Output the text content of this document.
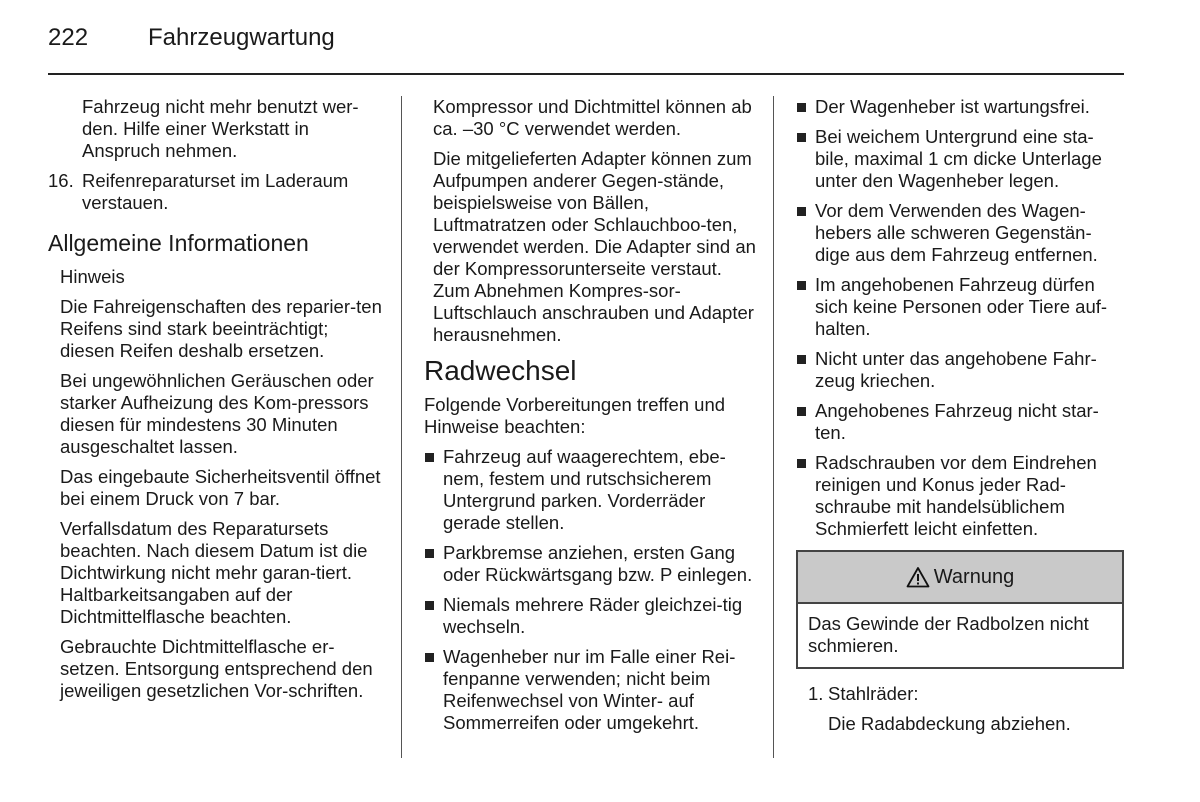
222 Fahrzeugwartung

Fahrzeug nicht mehr benutzt wer-den. Hilfe einer Werkstatt in Anspruch nehmen.

16. Reifenreparaturset im Laderaum verstauen.
Allgemeine Informationen

Hinweis

Die Fahreigenschaften des reparier-ten Reifens sind stark beeinträchtigt; diesen Reifen deshalb ersetzen.

Bei ungewöhnlichen Geräuschen oder starker Aufheizung des Kom-pressors diesen für mindestens 30 Minuten ausgeschaltet lassen.

Das eingebaute Sicherheitsventil öffnet bei einem Druck von 7 bar.

Verfallsdatum des Reparatursets beachten. Nach diesem Datum ist die Dichtwirkung nicht mehr garan-tiert. Haltbarkeitsangaben auf der Dichtmittelflasche beachten.

Gebrauchte Dichtmittelflasche er-setzen. Entsorgung entsprechend den jeweiligen gesetzlichen Vor-schriften.

Kompressor und Dichtmittel können ab ca. –30 °C verwendet werden.

Die mitgelieferten Adapter können zum Aufpumpen anderer Gegen-stände, beispielsweise von Bällen, Luftmatratzen oder Schlauchboo-ten, verwendet werden. Die Adapter sind an der Kompressorunterseite verstaut. Zum Abnehmen Kompres-sor-Luftschlauch anschrauben und Adapter herausnehmen.

Radwechsel

Folgende Vorbereitungen treffen und Hinweise beachten:

Fahrzeug auf waagerechtem, ebe-nem, festem und rutschsicherem Untergrund parken. Vorderräder gerade stellen.
Parkbremse anziehen, ersten Gang oder Rückwärtsgang bzw. P einlegen.
Niemals mehrere Räder gleichzei-tig wechseln.
Wagenheber nur im Falle einer Rei-fenpanne verwenden; nicht beim Reifenwechsel von Winter- auf Sommerreifen oder umgekehrt.
Der Wagenheber ist wartungsfrei.
Bei weichem Untergrund eine sta-bile, maximal 1 cm dicke Unterlage unter den Wagenheber legen.
Vor dem Verwenden des Wagen-hebers alle schweren Gegenstän-dige aus dem Fahrzeug entfernen.
Im angehobenen Fahrzeug dürfen sich keine Personen oder Tiere auf-halten.
Nicht unter das angehobene Fahr-zeug kriechen.
Angehobenes Fahrzeug nicht star-ten.
Radschrauben vor dem Eindrehen reinigen und Konus jeder Rad-schraube mit handelsüblichem Schmierfett leicht einfetten.
Warnung
Das Gewinde der Radbolzen nicht schmieren.
1. Stahlräder:

Die Radabdeckung abziehen.
